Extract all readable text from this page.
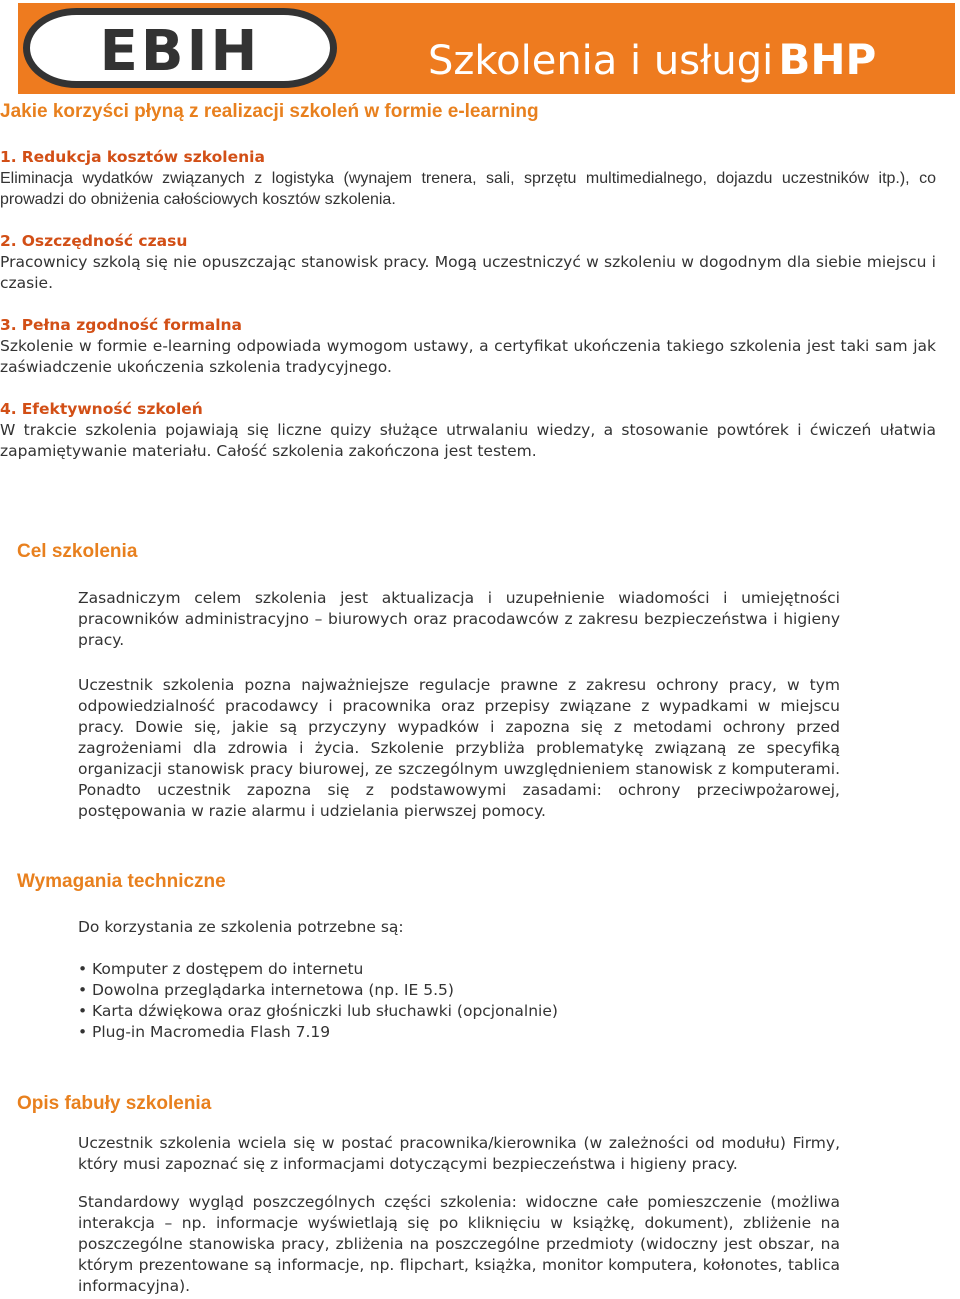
EBIH	Szkolenia i usługi BHP
Jakie korzyści płyną z realizacji szkoleń w formie e-learning

1. Redukcja kosztów szkolenia

Eliminacja wydatków związanych z logistyka (wynajem trenera, sali, sprzętu multimedialnego, dojazdu uczestników itp.), co prowadzi do obniżenia całościowych kosztów szkolenia.

2. Oszczędność czasu

Pracownicy szkolą się nie opuszczając stanowisk pracy. Mogą uczestniczyć w szkoleniu w dogodnym dla siebie miejscu i czasie.

3. Pełna zgodność formalna

Szkolenie w formie e-learning odpowiada wymogom ustawy, a certyfikat ukończenia takiego szkolenia jest taki sam jak zaświadczenie ukończenia szkolenia tradycyjnego.

4. Efektywność szkoleń

W trakcie szkolenia pojawiają się liczne quizy służące utrwalaniu wiedzy, a stosowanie powtórek i ćwiczeń ułatwia zapamiętywanie materiału. Całość szkolenia zakończona jest testem.

Cel szkolenia

Zasadniczym celem szkolenia jest aktualizacja i uzupełnienie wiadomości i umiejętności pracowników administracyjno – biurowych oraz pracodawców z zakresu bezpieczeństwa i higieny pracy.

Uczestnik szkolenia pozna najważniejsze regulacje prawne z zakresu ochrony pracy, w tym odpowiedzialność pracodawcy i pracownika oraz przepisy związane z wypadkami w miejscu pracy. Dowie się, jakie są przyczyny wypadków i zapozna się z metodami ochrony przed zagrożeniami dla zdrowia i życia. Szkolenie przybliża problematykę związaną ze specyfiką organizacji stanowisk pracy biurowej, ze szczególnym uwzględnieniem stanowisk z komputerami. Ponadto uczestnik zapozna się z podstawowymi zasadami: ochrony przeciwpożarowej, postępowania w razie alarmu i udzielania pierwszej pomocy.

Wymagania techniczne

Do korzystania ze szkolenia potrzebne są:

• Komputer z dostępem do internetu
• Dowolna przeglądarka internetowa (np. IE 5.5)
• Karta dźwiękowa oraz głośniczki lub słuchawki (opcjonalnie)
• Plug-in Macromedia Flash 7.19
Opis fabuły szkolenia

Uczestnik szkolenia wciela się w postać pracownika/kierownika (w zależności od modułu) Firmy, który musi zapoznać się z informacjami dotyczącymi bezpieczeństwa i higieny pracy.

Standardowy wygląd poszczególnych części szkolenia: widoczne całe pomieszczenie (możliwa interakcja – np. informacje wyświetlają się po kliknięciu w książkę, dokument), zbliżenie na poszczególne stanowiska pracy, zbliżenia na poszczególne przedmioty (widoczny jest obszar, na którym prezentowane są informacje, np. flipchart, książka, monitor komputera, kołonotes, tablica informacyjna).
